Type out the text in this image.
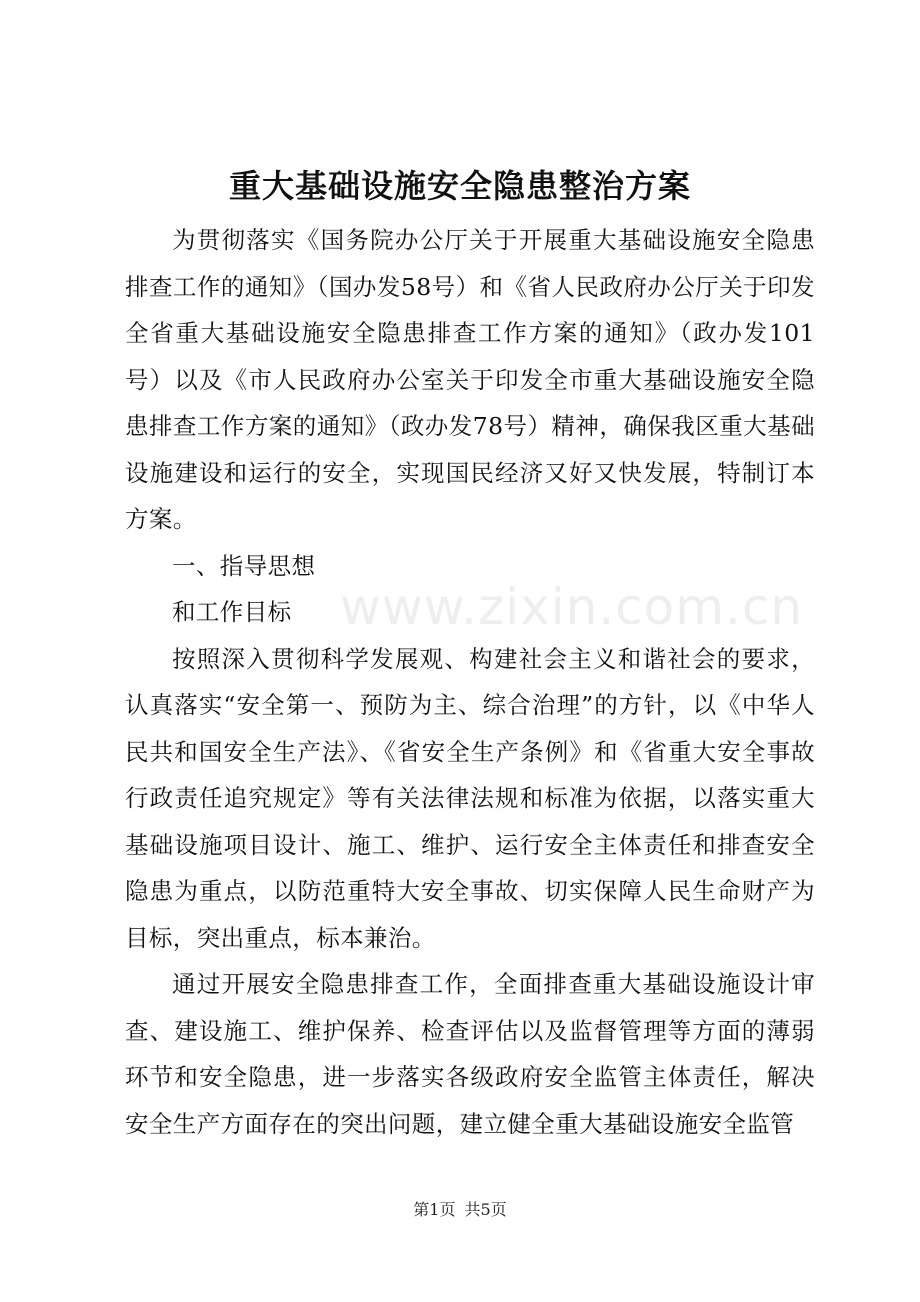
重大基础设施安全隐患整治方案

为贯彻落实《国务院办公厅关于开展重大基础设施安全隐患排查工作的通知》（国办发58号）和《省人民政府办公厅关于印发全省重大基础设施安全隐患排查工作方案的通知》（政办发101号）以及《市人民政府办公室关于印发全市重大基础设施安全隐患排查工作方案的通知》（政办发78号）精神，确保我区重大基础设施建设和运行的安全，实现国民经济又好又快发展，特制订本方案。

一、指导思想

和工作目标

按照深入贯彻科学发展观、构建社会主义和谐社会的要求，认真落实“安全第一、预防为主、综合治理”的方针，以《中华人民共和国安全生产法》、《省安全生产条例》和《省重大安全事故行政责任追究规定》等有关法律法规和标准为依据，以落实重大基础设施项目设计、施工、维护、运行安全主体责任和排查安全隐患为重点，以防范重特大安全事故、切实保障人民生命财产为目标，突出重点，标本兼治。

通过开展安全隐患排查工作，全面排查重大基础设施设计审查、建设施工、维护保养、检查评估以及监督管理等方面的薄弱环节和安全隐患，进一步落实各级政府安全监管主体责任，解决安全生产方面存在的突出问题，建立健全重大基础设施安全监管

www.zixin.com.cn
第1页 共5页
